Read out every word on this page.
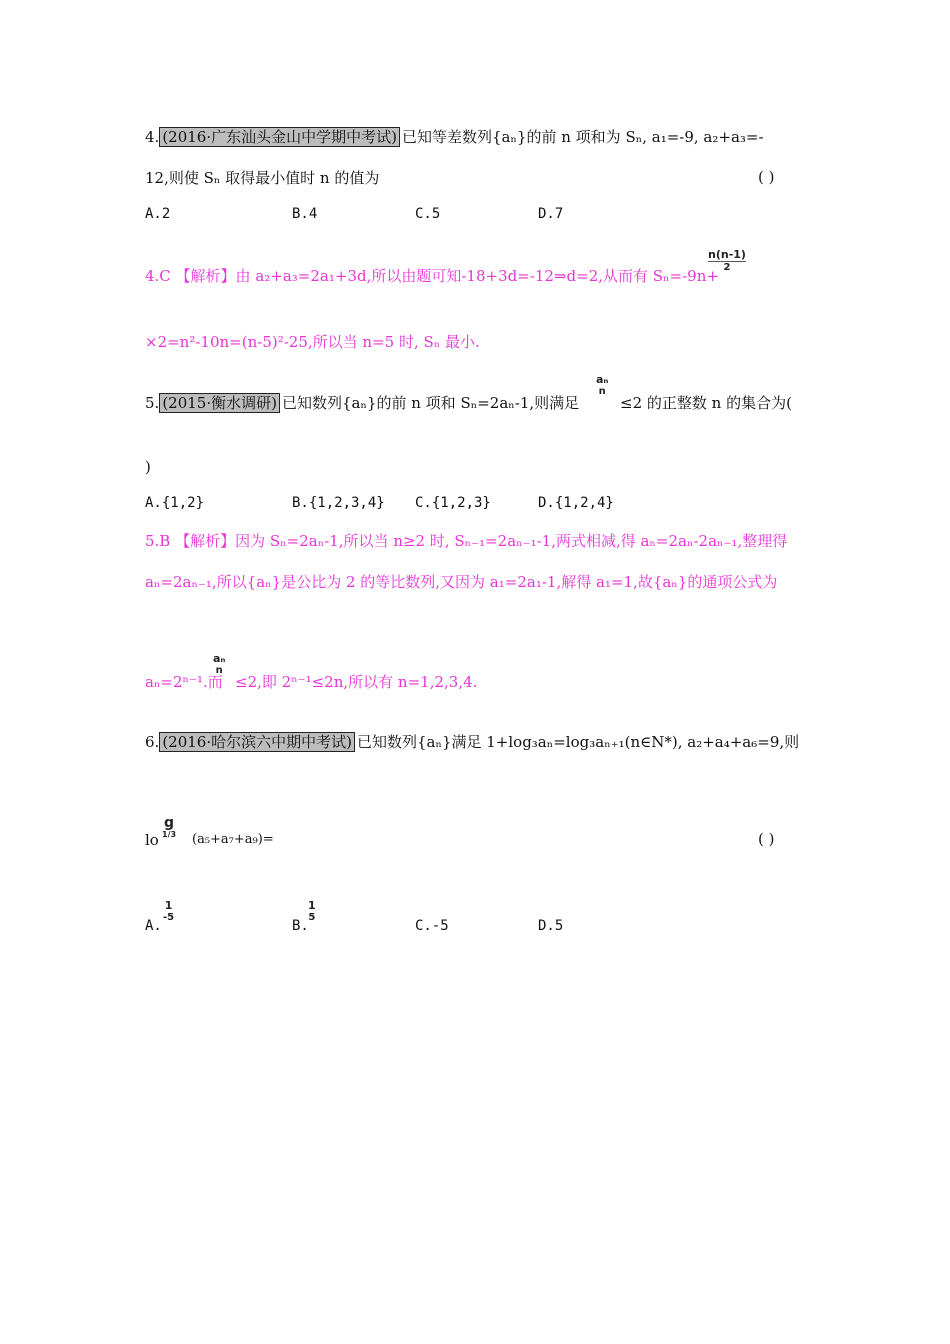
4. (2016·广东汕头金山中学期中考试) 已知等差数列{aₙ}的前 n 项和为 Sₙ, a₁=-9, a₂+a₃=-
12,则使 Sₙ 取得最小值时 n 的值为	( )
A.2	B.4	C.5	D.7
4.C 【解析】由 a₂+a₃=2a₁+3d,所以由题可知-18+3d=-12⇒d=2,从而有 Sₙ=-9n+
$\frac{n(n-1)}{2}$
×2=n²-10n=(n-5)²-25,所以当 n=5 时, Sₙ 最小.
5. (2015·衡水调研) 已知数列{aₙ}的前 n 项和 Sₙ=2aₙ-1,则满足
aₙ
n
≤2 的正整数 n 的集合为(
)
A.{1,2}	B.{1,2,3,4} C.{1,2,3}	D.{1,2,4}
5.B 【解析】因为 Sₙ=2aₙ-1,所以当 n≥2 时, Sₙ₋₁=2aₙ₋₁-1,两式相减,得 aₙ=2aₙ-2aₙ₋₁,整理得
aₙ=2aₙ₋₁,所以{aₙ}是公比为 2 的等比数列,又因为 a₁=2a₁-1,解得 a₁=1,故{aₙ}的通项公式为
aₙ=2ⁿ⁻¹.而
aₙ
n
≤2,即 2ⁿ⁻¹≤2n,所以有 n=1,2,3,4.
6. (2016·哈尔滨六中期中考试) 已知数列{aₙ}满足 1+log₃aₙ=log₃aₙ₊₁(n∈N*), a₂+a₄+a₆=9,则
lo
g
1/3 (a₅+a₇+a₉)=	( )
A.
1
-5
B.
1
5
C.-5	D.5
